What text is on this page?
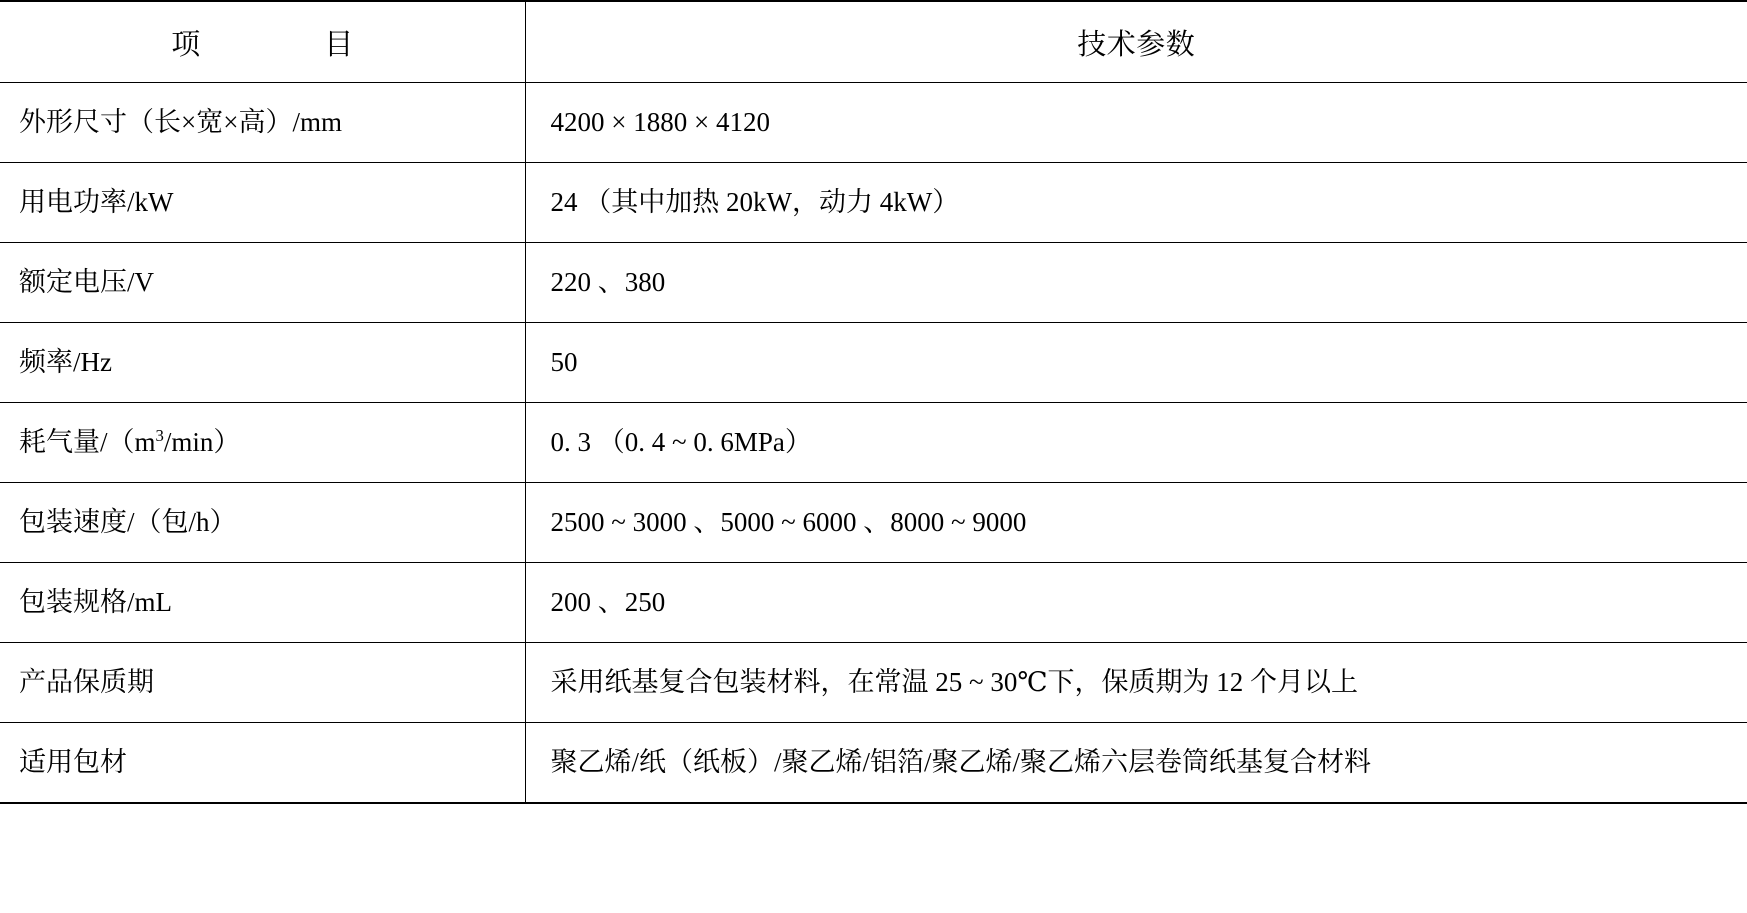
项　　目	技术参数

外形尺寸（长×宽×高）/mm	4200 × 1880 × 4120

用电功率/kW	24 （其中加热 20kW，动力 4kW）

额定电压/V	220 、380

频率/Hz	50

耗气量$/(m^3/\min)$	0. 3 （0. 4 ~ 0. 6MPa）

包装速度/（包/h）	2500 ~ 3000 、5000 ~ 6000 、8000 ~ 9000

包装规格/mL	200 、250

产品保质期	采用纸基复合包装材料，在常温 25 ~ 30℃下，保质期为 12 个月以上

适用包材	聚乙烯/纸（纸板）/聚乙烯/铝箔/聚乙烯/聚乙烯六层卷筒纸基复合材料
